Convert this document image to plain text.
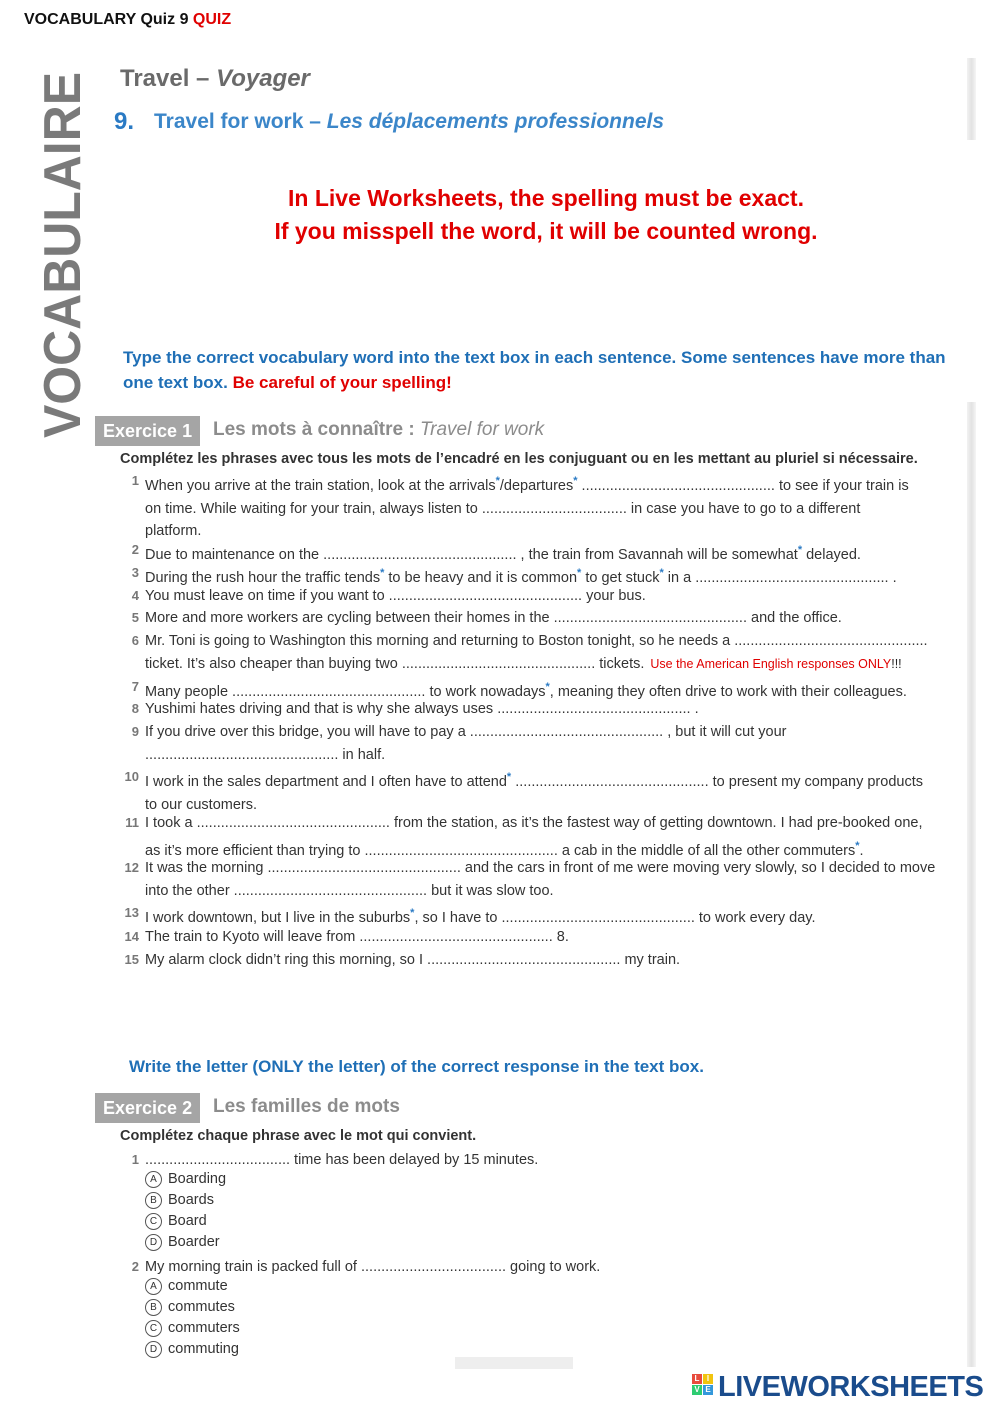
VOCABULARY Quiz 9 QUIZ
VOCABULAIRE Travel – Voyager
9. Travel for work – Les déplacements professionnels
In Live Worksheets, the spelling must be exact.
If you misspell the word, it will be counted wrong.
Type the correct vocabulary word into the text box in each sentence. Some sentences have more than one text box. Be careful of your spelling!
Exercice 1	Les mots à connaître : Travel for work
Complétez les phrases avec tous les mots de l’encadré en les conjuguant ou en les mettant au pluriel si nécessaire.
1 When you arrive at the train station, look at the arrivals*/departures* ................................................ to see if your train is
on time. While waiting for your train, always listen to .................................... in case you have to go to a different
platform.
2 Due to maintenance on the ................................................ , the train from Savannah will be somewhat* delayed.
3 During the rush hour the traffic tends* to be heavy and it is common* to get stuck* in a ................................................ .
4 You must leave on time if you want to ................................................ your bus.
5 More and more workers are cycling between their homes in the ................................................ and the office.
6 Mr. Toni is going to Washington this morning and returning to Boston tonight, so he needs a ................................................
ticket. It’s also cheaper than buying two ................................................ tickets. Use the American English responses ONLY!!!
7 Many people ................................................ to work nowadays*, meaning they often drive to work with their colleagues.
8 Yushimi hates driving and that is why she always uses ................................................ .
9 If you drive over this bridge, you will have to pay a ................................................ , but it will cut your
................................................ in half.
10 I work in the sales department and I often have to attend* ................................................ to present my company products
to our customers.
11 I took a ................................................ from the station, as it’s the fastest way of getting downtown. I had pre-booked one,
as it’s more efficient than trying to ................................................ a cab in the middle of all the other commuters*.
12 It was the morning ................................................ and the cars in front of me were moving very slowly, so I decided to move
into the other ................................................ but it was slow too.
13 I work downtown, but I live in the suburbs*, so I have to ................................................ to work every day.
14 The train to Kyoto will leave from ................................................ 8.
15 My alarm clock didn’t ring this morning, so I ................................................ my train.
Write the letter (ONLY the letter) of the correct response in the text box.
Exercice 2	Les familles de mots
Complétez chaque phrase avec le mot qui convient.
1 .................................... time has been delayed by 15 minutes.
A Boarding
B Boards
C Board
D Boarder
2 My morning train is packed full of .................................... going to work.
A commute
B commutes
C commuters
D commuting
L I
V E LIVEWORKSHEETS
